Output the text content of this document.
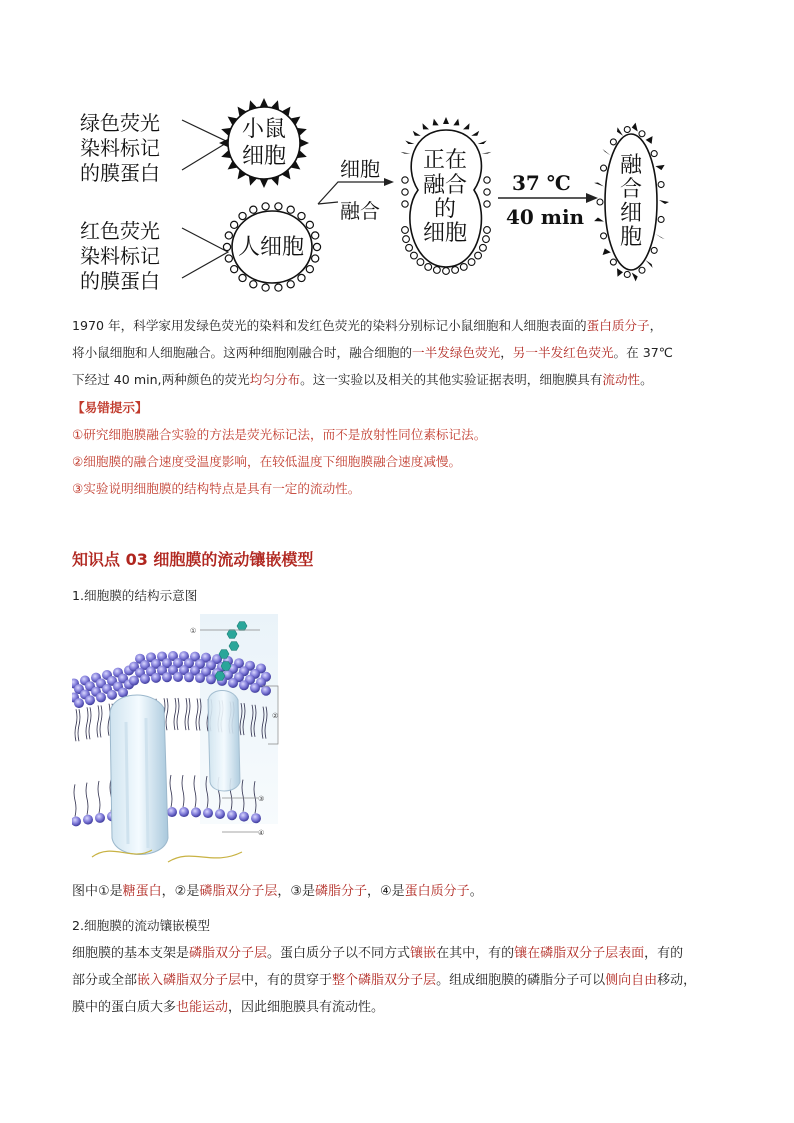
绿色荧光
染料标记
的膜蛋白
红色荧光
染料标记
的膜蛋白
小鼠
细胞
人细胞
细胞
融合
正在
融合
的
细胞
37 ℃
40 min
融
合
细
胞
1970 年，科学家用发绿色荧光的染料和发红色荧光的染料分别标记小鼠细胞和人细胞表面的蛋白质分子，
将小鼠细胞和人细胞融合。这两种细胞刚融合时，融合细胞的一半发绿色荧光，另一半发红色荧光。在 37℃
下经过 40 min,两种颜色的荧光均匀分布。这一实验以及相关的其他实验证据表明，细胞膜具有流动性。
【易错提示】
①研究细胞膜融合实验的方法是荧光标记法，而不是放射性同位素标记法。
②细胞膜的融合速度受温度影响，在较低温度下细胞膜融合速度减慢。
③实验说明细胞膜的结构特点是具有一定的流动性。
知识点 03 细胞膜的流动镶嵌模型
1.细胞膜的结构示意图
①
②
③
④
图中①是糖蛋白，②是磷脂双分子层，③是磷脂分子，④是蛋白质分子。
2.细胞膜的流动镶嵌模型
细胞膜的基本支架是磷脂双分子层。蛋白质分子以不同方式镶嵌在其中，有的镶在磷脂双分子层表面，有的
部分或全部嵌入磷脂双分子层中，有的贯穿于整个磷脂双分子层。组成细胞膜的磷脂分子可以侧向自由移动，
膜中的蛋白质大多也能运动，因此细胞膜具有流动性。
